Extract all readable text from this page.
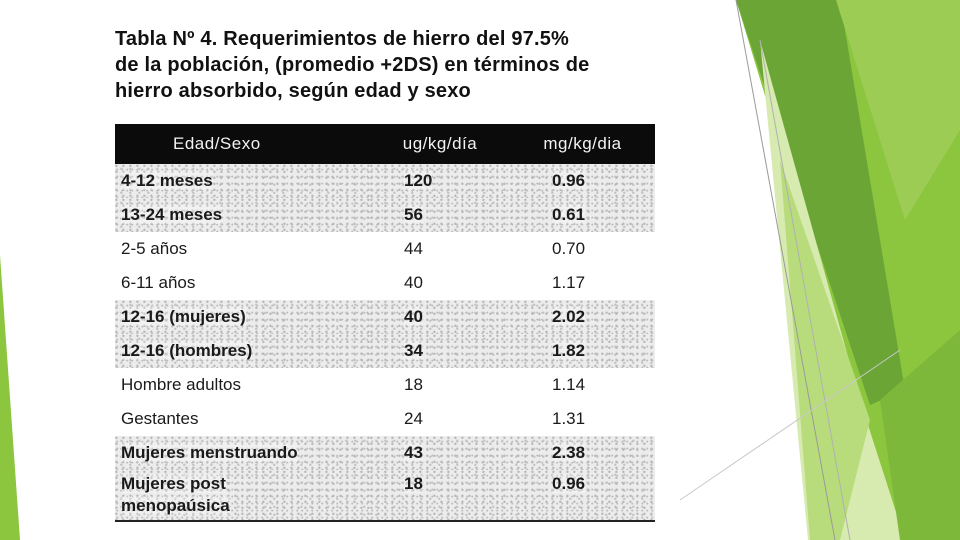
Tabla Nº 4. Requerimientos de hierro del 97.5%
de la población, (promedio +2DS) en términos de
hierro absorbido, según edad y sexo
Edad/Sexo	ug/kg/día	mg/kg/dia
4-12 meses	120	0.96
13-24 meses	56	0.61
2-5 años	44	0.70
6-11 años	40	1.17
12-16 (mujeres)	40	2.02
12-16 (hombres)	34	1.82
Hombre adultos	18	1.14
Gestantes	24	1.31
Mujeres menstruando	43	2.38
Mujeres post
menopaúsica	18	0.96
